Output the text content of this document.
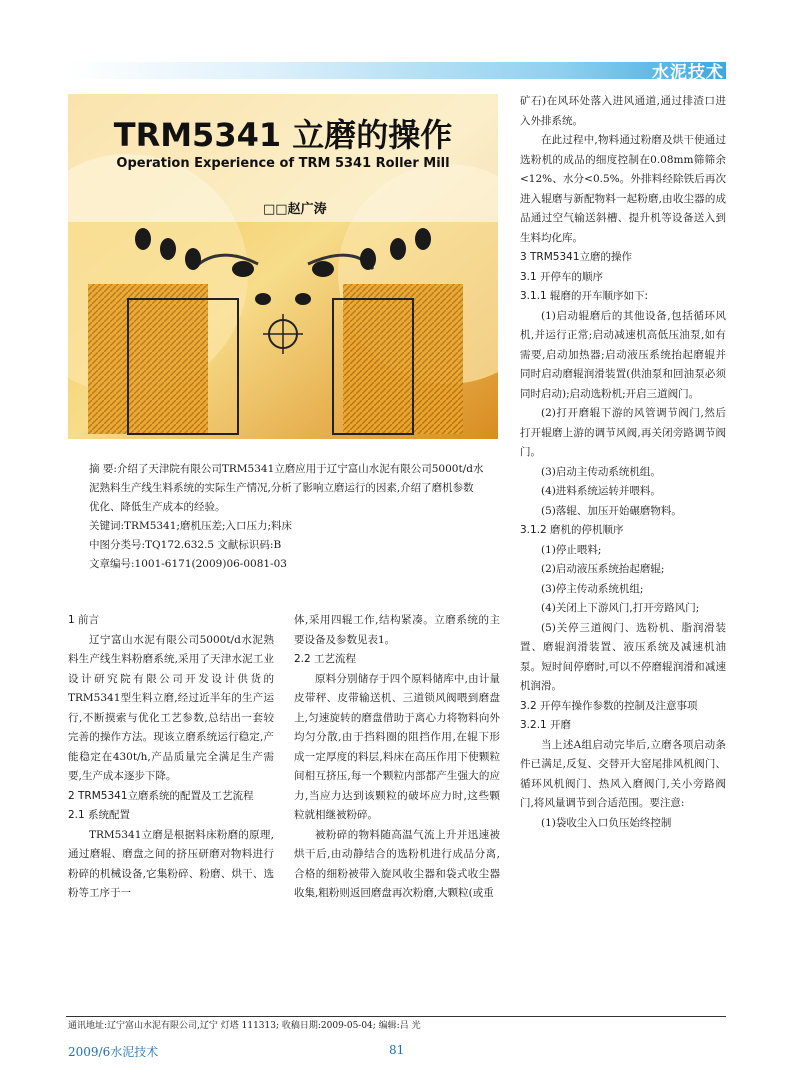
水泥技术
TRM5341 立磨的操作
Operation Experience of TRM 5341 Roller Mill
□□赵广涛

摘 要:介绍了天津院有限公司TRM5341立磨应用于辽宁富山水泥有限公司5000t/d水泥熟料生产线生料系统的实际生产情况,分析了影响立磨运行的因素,介绍了磨机参数优化、降低生产成本的经验。

关键词:TRM5341;磨机压差;入口压力;料床

中图分类号:TQ172.632.5 文献标识码:B

文章编号:1001-6171(2009)06-0081-03

1 前言

辽宁富山水泥有限公司5000t/d水泥熟料生产线生料粉磨系统,采用了天津水泥工业设计研究院有限公司开发设计供货的TRM5341型生料立磨,经过近半年的生产运行,不断摸索与优化工艺参数,总结出一套较完善的操作方法。现该立磨系统运行稳定,产能稳定在430t/h,产品质量完全满足生产需要,生产成本逐步下降。

2 TRM5341立磨系统的配置及工艺流程

2.1 系统配置

TRM5341立磨是根据料床粉磨的原理,通过磨辊、磨盘之间的挤压研磨对物料进行粉碎的机械设备,它集粉碎、粉磨、烘干、选粉等工序于一

体,采用四辊工作,结构紧凑。立磨系统的主要设备及参数见表1。

2.2 工艺流程

原料分别储存于四个原料储库中,由计量皮带秤、皮带输送机、三道锁风阀喂到磨盘上,匀速旋转的磨盘借助于离心力将物料向外均匀分散,由于挡料圈的阻挡作用,在辊下形成一定厚度的料层,料床在高压作用下使颗粒间相互挤压,每一个颗粒内部都产生强大的应力,当应力达到该颗粒的破坏应力时,这些颗粒就相继被粉碎。

被粉碎的物料随高温气流上升并迅速被烘干后,由动静结合的选粉机进行成品分离,合格的细粉被带入旋风收尘器和袋式收尘器收集,粗粉则返回磨盘再次粉磨,大颗粒(或重

矿石)在风环处落入进风通道,通过排渣口进入外排系统。

在此过程中,物料通过粉磨及烘干使通过选粉机的成品的细度控制在0.08mm筛筛余<12%、水分<0.5%。外排料经除铁后再次进入辊磨与新配物料一起粉磨,由收尘器的成品通过空气输送斜槽、提升机等设备送入到生料均化库。

3 TRM5341立磨的操作

3.1 开停车的顺序

3.1.1 辊磨的开车顺序如下:

(1)启动辊磨后的其他设备,包括循环风机,并运行正常;启动减速机高低压油泵,如有需要,启动加热器;启动液压系统抬起磨辊并同时启动磨辊润滑装置(供油泵和回油泵必须同时启动);启动选粉机;开启三道阀门。

(2)打开磨辊下游的风管调节阀门,然后打开辊磨上游的调节风阀,再关闭旁路调节阀门。

(3)启动主传动系统机组。

(4)进料系统运转并喂料。

(5)落辊、加压开始碾磨物料。

3.1.2 磨机的停机顺序

(1)停止喂料;

(2)启动液压系统抬起磨辊;

(3)停主传动系统机组;

(4)关闭上下游风门,打开旁路风门;

(5)关停三道阀门、选粉机、脂润滑装置、磨辊润滑装置、液压系统及减速机油泵。短时间停磨时,可以不停磨辊润滑和减速机润滑。

3.2 开停车操作参数的控制及注意事项

3.2.1 开磨

当上述A组启动完毕后,立磨各项启动条件已满足,反复、交替开大窑尾排风机阀门、循环风机阀门、热风入磨阀门,关小旁路阀门,将风量调节到合适范围。要注意:

(1)袋收尘入口负压始终控制

通讯地址:辽宁富山水泥有限公司,辽宁 灯塔 111313; 收稿日期:2009-05-04; 编辑:吕 光
2009/6水泥技术	81
